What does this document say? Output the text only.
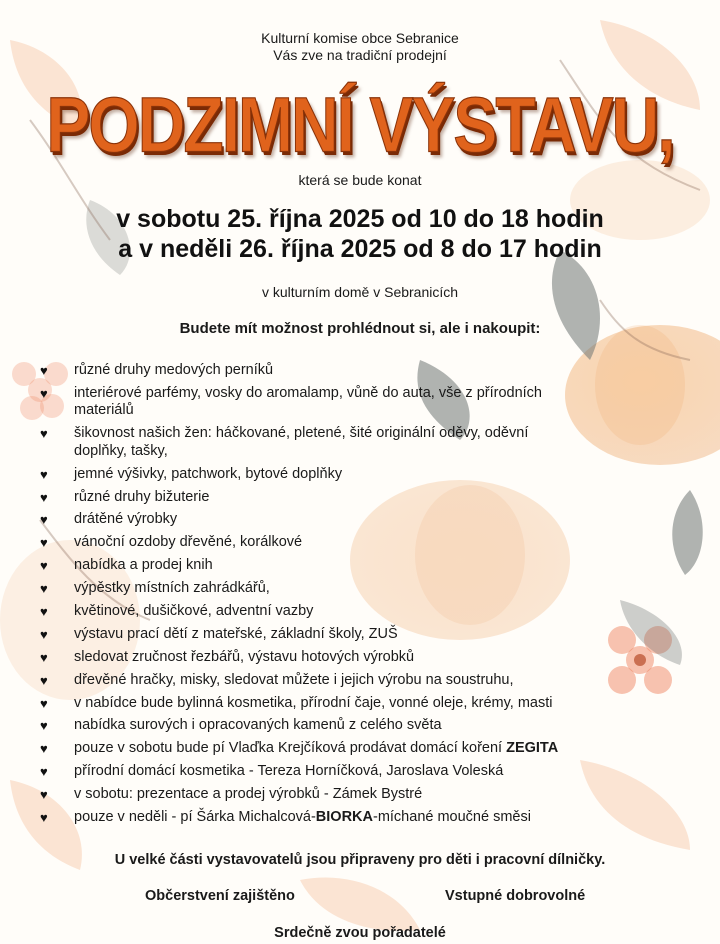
Kulturní komise obce Sebranice
Vás zve na tradiční prodejní
PODZIMNÍ VÝSTAVU,
která se bude konat
v sobotu 25. října 2025 od 10 do 18 hodin
a v neděli 26. října 2025 od 8 do 17 hodin
v kulturním domě v Sebranicích
Budete mít možnost prohlédnout si, ale i nakoupit:
♥ různé druhy medových perníků
♥ interiérové parfémy, vosky do aromalamp, vůně do auta, vše z přírodních
materiálů
♥ šikovnost našich žen: háčkované, pletené, šité originální oděvy, oděvní
doplňky, tašky,
♥ jemné výšivky, patchwork, bytové doplňky
♥ různé druhy bižuterie
♥ drátěné výrobky
♥ vánoční ozdoby dřevěné, korálkové
♥ nabídka a prodej knih
♥ výpěstky místních zahrádkářů,
♥ květinové, dušičkové, adventní vazby
♥ výstavu prací dětí z mateřské, základní školy, ZUŠ
♥ sledovat zručnost řezbářů, výstavu hotových výrobků
♥ dřevěné hračky, misky, sledovat můžete i jejich výrobu na soustruhu,
♥ v nabídce bude bylinná kosmetika, přírodní čaje, vonné oleje, krémy, masti
♥ nabídka surových i opracovaných kamenů z celého světa
♥ pouze v sobotu bude pí Vlaďka Krejčíková prodávat domácí koření ZEGITA
♥ přírodní domácí kosmetika - Tereza Horníčková, Jaroslava Voleská
♥ v sobotu: prezentace a prodej výrobků - Zámek Bystré
♥ pouze v neděli - pí Šárka Michalcová-BIORKA-míchané moučné směsi
U velké části vystavovatelů jsou připraveny pro děti i pracovní dílničky.
Občerstvení zajištěno	Vstupné dobrovolné
Srdečně zvou pořadatelé
